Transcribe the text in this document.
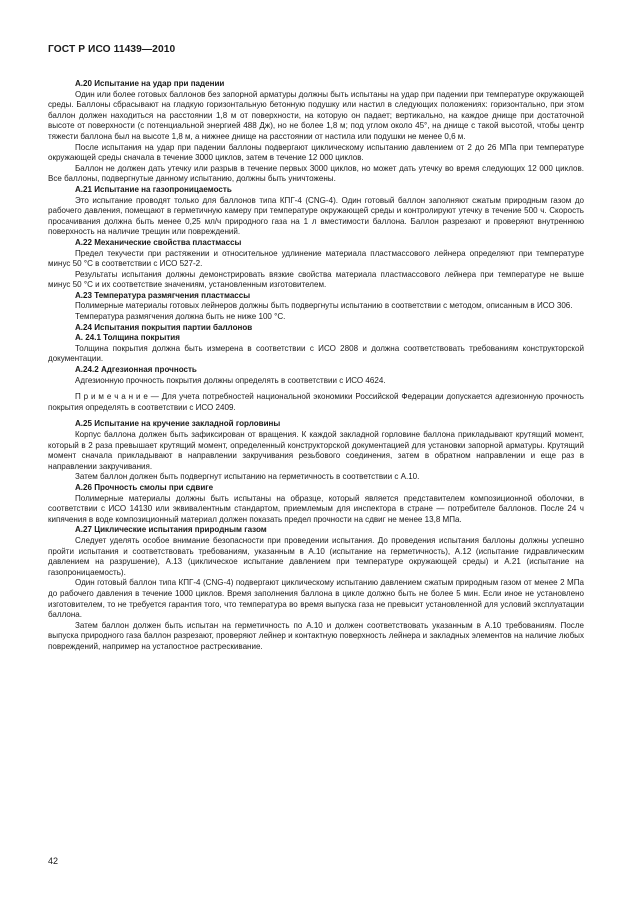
ГОСТ Р ИСО 11439—2010
А.20 Испытание на удар при падении

Один или более готовых баллонов без запорной арматуры должны быть испытаны на удар при падении при температуре окружающей среды. Баллоны сбрасывают на гладкую горизонтальную бетонную подушку или настил в следующих положениях: горизонтально, при этом баллон должен находиться на расстоянии 1,8 м от поверхности, на которую он падает; вертикально, на каждое днище при достаточной высоте от поверхности (с потенциальной энергией 488 Дж), но не более 1,8 м; под углом около 45°, на днище с такой высотой, чтобы центр тяжести баллона был на высоте 1,8 м, а нижнее днище на расстоянии от настила или подушки не менее 0,6 м.

После испытания на удар при падении баллоны подвергают циклическому испытанию давлением от 2 до 26 МПа при температуре окружающей среды сначала в течение 3000 циклов, затем в течение 12 000 циклов.

Баллон не должен дать утечку или разрыв в течение первых 3000 циклов, но может дать утечку во время следующих 12 000 циклов. Все баллоны, подвергнутые данному испытанию, должны быть уничтожены.

А.21 Испытание на газопроницаемость

Это испытание проводят только для баллонов типа КПГ-4 (CNG-4). Один готовый баллон заполняют сжатым природным газом до рабочего давления, помещают в герметичную камеру при температуре окружающей среды и контролируют утечку в течение 500 ч. Скорость просачивания должна быть менее 0,25 мл/ч природного газа на 1 л вместимости баллона. Баллон разрезают и проверяют внутреннюю поверхность на наличие трещин или повреждений.

А.22 Механические свойства пластмассы

Предел текучести при растяжении и относительное удлинение материала пластмассового лейнера определяют при температуре минус 50 °С в соответствии с ИСО 527-2.

Результаты испытания должны демонстрировать вязкие свойства материала пластмассового лейнера при температуре не выше минус 50 °С и их соответствие значениям, установленным изготовителем.

А.23 Температура размягчения пластмассы

Полимерные материалы готовых лейнеров должны быть подвергнуты испытанию в соответствии с методом, описанным в ИСО 306.

Температура размягчения должна быть не ниже 100 °С.

А.24 Испытания покрытия партии баллонов
А. 24.1 Толщина покрытия

Толщина покрытия должна быть измерена в соответствии с ИСО 2808 и должна соответствовать требованиям конструкторской документации.

А.24.2 Адгезионная прочность

Адгезионную прочность покрытия должны определять в соответствии с ИСО 4624.

П р и м е ч а н и е — Для учета потребностей национальной экономики Российской Федерации допускается адгезионную прочность покрытия определять в соответствии с ИСО 2409.

А.25 Испытание на кручение закладной горловины

Корпус баллона должен быть зафиксирован от вращения. К каждой закладной горловине баллона прикладывают крутящий момент, который в 2 раза превышает крутящий момент, определенный конструкторской документацией для установки запорной арматуры. Крутящий момент сначала прикладывают в направлении закручивания резьбового соединения, затем в обратном направлении и еще раз в направлении закручивания.

Затем баллон должен быть подвергнут испытанию на герметичность в соответствии с А.10.

А.26 Прочность смолы при сдвиге

Полимерные материалы должны быть испытаны на образце, который является представителем композиционной оболочки, в соответствии с ИСО 14130 или эквивалентным стандартом, приемлемым для инспектора в стране — потребителе баллонов. После 24 ч кипячения в воде композиционный материал должен показать предел прочности на сдвиг не менее 13,8 МПа.

А.27 Циклические испытания природным газом

Следует уделять особое внимание безопасности при проведении испытания. До проведения испытания баллоны должны успешно пройти испытания и соответствовать требованиям, указанным в А.10 (испытание на герметичность), А.12 (испытание гидравлическим давлением на разрушение), А.13 (циклическое испытание давлением при температуре окружающей среды) и А.21 (испытание на газопроницаемость).

Один готовый баллон типа КПГ-4 (CNG-4) подвергают циклическому испытанию давлением сжатым природным газом от менее 2 МПа до рабочего давления в течение 1000 циклов. Время заполнения баллона в цикле должно быть не более 5 мин. Если иное не установлено изготовителем, то не требуется гарантия того, что температура во время выпуска газа не превысит установленной для условий эксплуатации баллона.

Затем баллон должен быть испытан на герметичность по А.10 и должен соответствовать указанным в А.10 требованиям. После выпуска природного газа баллон разрезают, проверяют лейнер и контактную поверхность лейнера и закладных элементов на наличие любых повреждений, например на устапостное растрескивание.

42
